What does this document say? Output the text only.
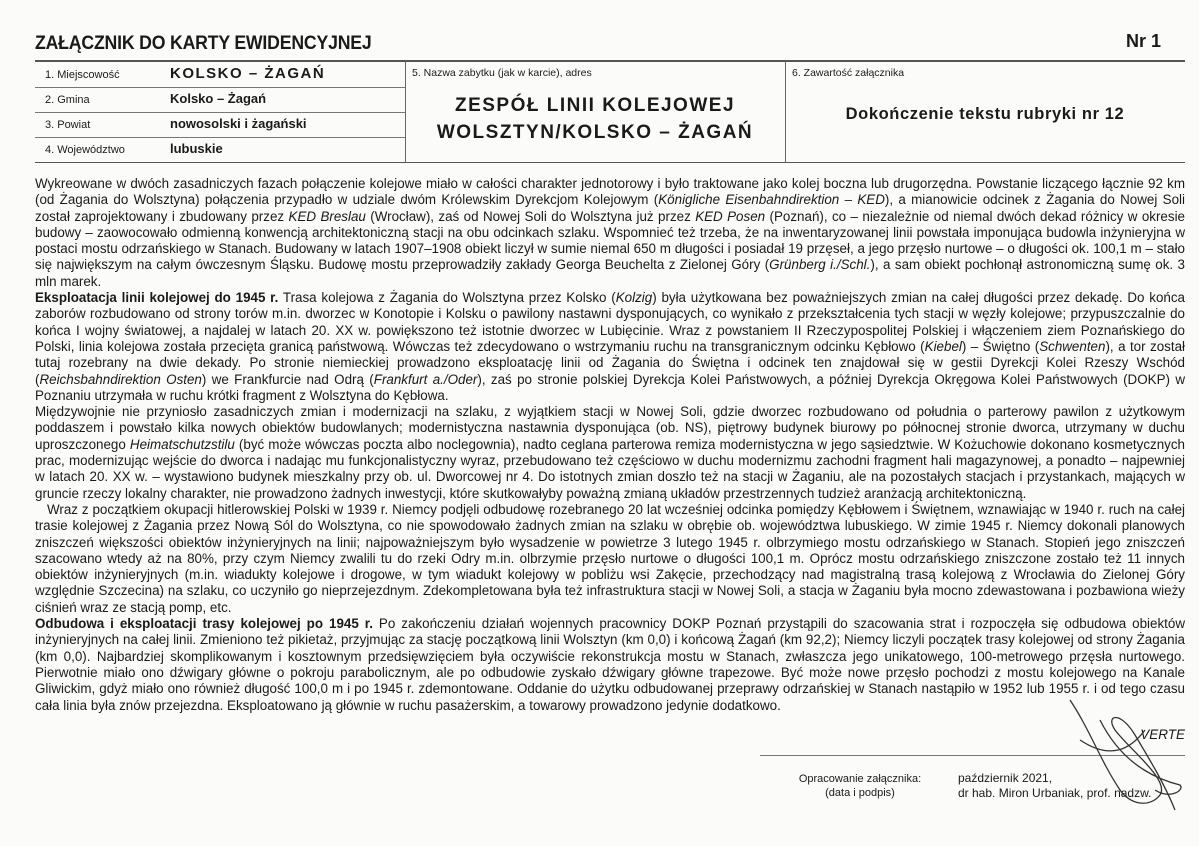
ZAŁĄCZNIK DO KARTY EWIDENCYJNEJ	Nr 1
1. Miejscowość	KOLSKO – ŻAGAŃ
2. Gmina	Kolsko – Żagań
3. Powiat	nowosolski i żagański
4. Województwo	lubuskie
5. Nazwa zabytku (jak w karcie), adres
ZESPÓŁ LINII KOLEJOWEJ
WOLSZTYN/KOLSKO – ŻAGAŃ
6. Zawartość załącznika
Dokończenie tekstu rubryki nr 12

Wykreowane w dwóch zasadniczych fazach połączenie kolejowe miało w całości charakter jednotorowy i było traktowane jako kolej boczna lub drugorzędna. Powstanie liczącego łącznie 92 km (od Żagania do Wolsztyna) połączenia przypadło w udziale dwóm Królewskim Dyrekcjom Kolejowym (Königliche Eisenbahndirektion – KED), a mianowicie odcinek z Żagania do Nowej Soli został zaprojektowany i zbudowany przez KED Breslau (Wrocław), zaś od Nowej Soli do Wolsztyna już przez KED Posen (Poznań), co – niezależnie od niemal dwóch dekad różnicy w okresie budowy – zaowocowało odmienną konwencją architektoniczną stacji na obu odcinkach szlaku. Wspomnieć też trzeba, że na inwentaryzowanej linii powstała imponująca budowla inżynieryjna w postaci mostu odrzańskiego w Stanach. Budowany w latach 1907–1908 obiekt liczył w sumie niemal 650 m długości i posiadał 19 przęseł, a jego przęsło nurtowe – o długości ok. 100,1 m – stało się największym na całym ówczesnym Śląsku. Budowę mostu przeprowadziły zakłady Georga Beuchelta z Zielonej Góry (Grünberg i./Schl.), a sam obiekt pochłonął astronomiczną sumę ok. 3 mln marek.

Eksploatacja linii kolejowej do 1945 r. Trasa kolejowa z Żagania do Wolsztyna przez Kolsko (Kolzig) była użytkowana bez poważniejszych zmian na całej długości przez dekadę. Do końca zaborów rozbudowano od strony torów m.in. dworzec w Konotopie i Kolsku o pawilony nastawni dysponujących, co wynikało z przekształcenia tych stacji w węzły kolejowe; przypuszczalnie do końca I wojny światowej, a najdalej w latach 20. XX w. powiększono też istotnie dworzec w Lubięcinie. Wraz z powstaniem II Rzeczypospolitej Polskiej i włączeniem ziem Poznańskiego do Polski, linia kolejowa została przecięta granicą państwową. Wówczas też zdecydowano o wstrzymaniu ruchu na transgranicznym odcinku Kębłowo (Kiebel) – Świętno (Schwenten), a tor został tutaj rozebrany na dwie dekady. Po stronie niemieckiej prowadzono eksploatację linii od Żagania do Świętna i odcinek ten znajdował się w gestii Dyrekcji Kolei Rzeszy Wschód (Reichsbahndirektion Osten) we Frankfurcie nad Odrą (Frankfurt a./Oder), zaś po stronie polskiej Dyrekcja Kolei Państwowych, a później Dyrekcja Okręgowa Kolei Państwowych (DOKP) w Poznaniu utrzymała w ruchu krótki fragment z Wolsztyna do Kębłowa.

Międzywojnie nie przyniosło zasadniczych zmian i modernizacji na szlaku, z wyjątkiem stacji w Nowej Soli, gdzie dworzec rozbudowano od południa o parterowy pawilon z użytkowym poddaszem i powstało kilka nowych obiektów budowlanych; modernistyczna nastawnia dysponująca (ob. NS), piętrowy budynek biurowy po północnej stronie dworca, utrzymany w duchu uproszczonego Heimatschutzstilu (być może wówczas poczta albo noclegownia), nadto ceglana parterowa remiza modernistyczna w jego sąsiedztwie. W Kożuchowie dokonano kosmetycznych prac, modernizując wejście do dworca i nadając mu funkcjonalistyczny wyraz, przebudowano też częściowo w duchu modernizmu zachodni fragment hali magazynowej, a ponadto – najpewniej w latach 20. XX w. – wystawiono budynek mieszkalny przy ob. ul. Dworcowej nr 4. Do istotnych zmian doszło też na stacji w Żaganiu, ale na pozostałych stacjach i przystankach, mających w gruncie rzeczy lokalny charakter, nie prowadzono żadnych inwestycji, które skutkowałyby poważną zmianą układów przestrzennych tudzież aranżacją architektoniczną.

Wraz z początkiem okupacji hitlerowskiej Polski w 1939 r. Niemcy podjęli odbudowę rozebranego 20 lat wcześniej odcinka pomiędzy Kębłowem i Świętnem, wznawiając w 1940 r. ruch na całej trasie kolejowej z Żagania przez Nową Sól do Wolsztyna, co nie spowodowało żadnych zmian na szlaku w obrębie ob. województwa lubuskiego. W zimie 1945 r. Niemcy dokonali planowych zniszczeń większości obiektów inżynieryjnych na linii; najpoważniejszym było wysadzenie w powietrze 3 lutego 1945 r. olbrzymiego mostu odrzańskiego w Stanach. Stopień jego zniszczeń szacowano wtedy aż na 80%, przy czym Niemcy zwalili tu do rzeki Odry m.in. olbrzymie przęsło nurtowe o długości 100,1 m. Oprócz mostu odrzańskiego zniszczone zostało też 11 innych obiektów inżynieryjnych (m.in. wiadukty kolejowe i drogowe, w tym wiadukt kolejowy w pobliżu wsi Zakęcie, przechodzący nad magistralną trasą kolejową z Wrocławia do Zielonej Góry względnie Szczecina) na szlaku, co uczyniło go nieprzejezdnym. Zdekompletowana była też infrastruktura stacji w Nowej Soli, a stacja w Żaganiu była mocno zdewastowana i pozbawiona wieży ciśnień wraz ze stacją pomp, etc.

Odbudowa i eksploatacji trasy kolejowej po 1945 r. Po zakończeniu działań wojennych pracownicy DOKP Poznań przystąpili do szacowania strat i rozpoczęła się odbudowa obiektów inżynieryjnych na całej linii. Zmieniono też pikietaż, przyjmując za stację początkową linii Wolsztyn (km 0,0) i końcową Żagań (km 92,2); Niemcy liczyli początek trasy kolejowej od strony Żagania (km 0,0). Najbardziej skomplikowanym i kosztownym przedsięwzięciem była oczywiście rekonstrukcja mostu w Stanach, zwłaszcza jego unikatowego, 100-metrowego przęsła nurtowego. Pierwotnie miało ono dźwigary główne o pokroju parabolicznym, ale po odbudowie zyskało dźwigary główne trapezowe. Być może nowe przęsło pochodzi z mostu kolejowego na Kanale Gliwickim, gdyż miało ono również długość 100,0 m i po 1945 r. zdemontowane. Oddanie do użytku odbudowanej przeprawy odrzańskiej w Stanach nastąpiło w 1952 lub 1955 r. i od tego czasu cała linia była znów przejezdna. Eksploatowano ją głównie w ruchu pasażerskim, a towarowy prowadzono jedynie dodatkowo.

VERTE
Opracowanie załącznika:
(data i podpis)
październik 2021,
dr hab. Miron Urbaniak, prof. nadzw.
